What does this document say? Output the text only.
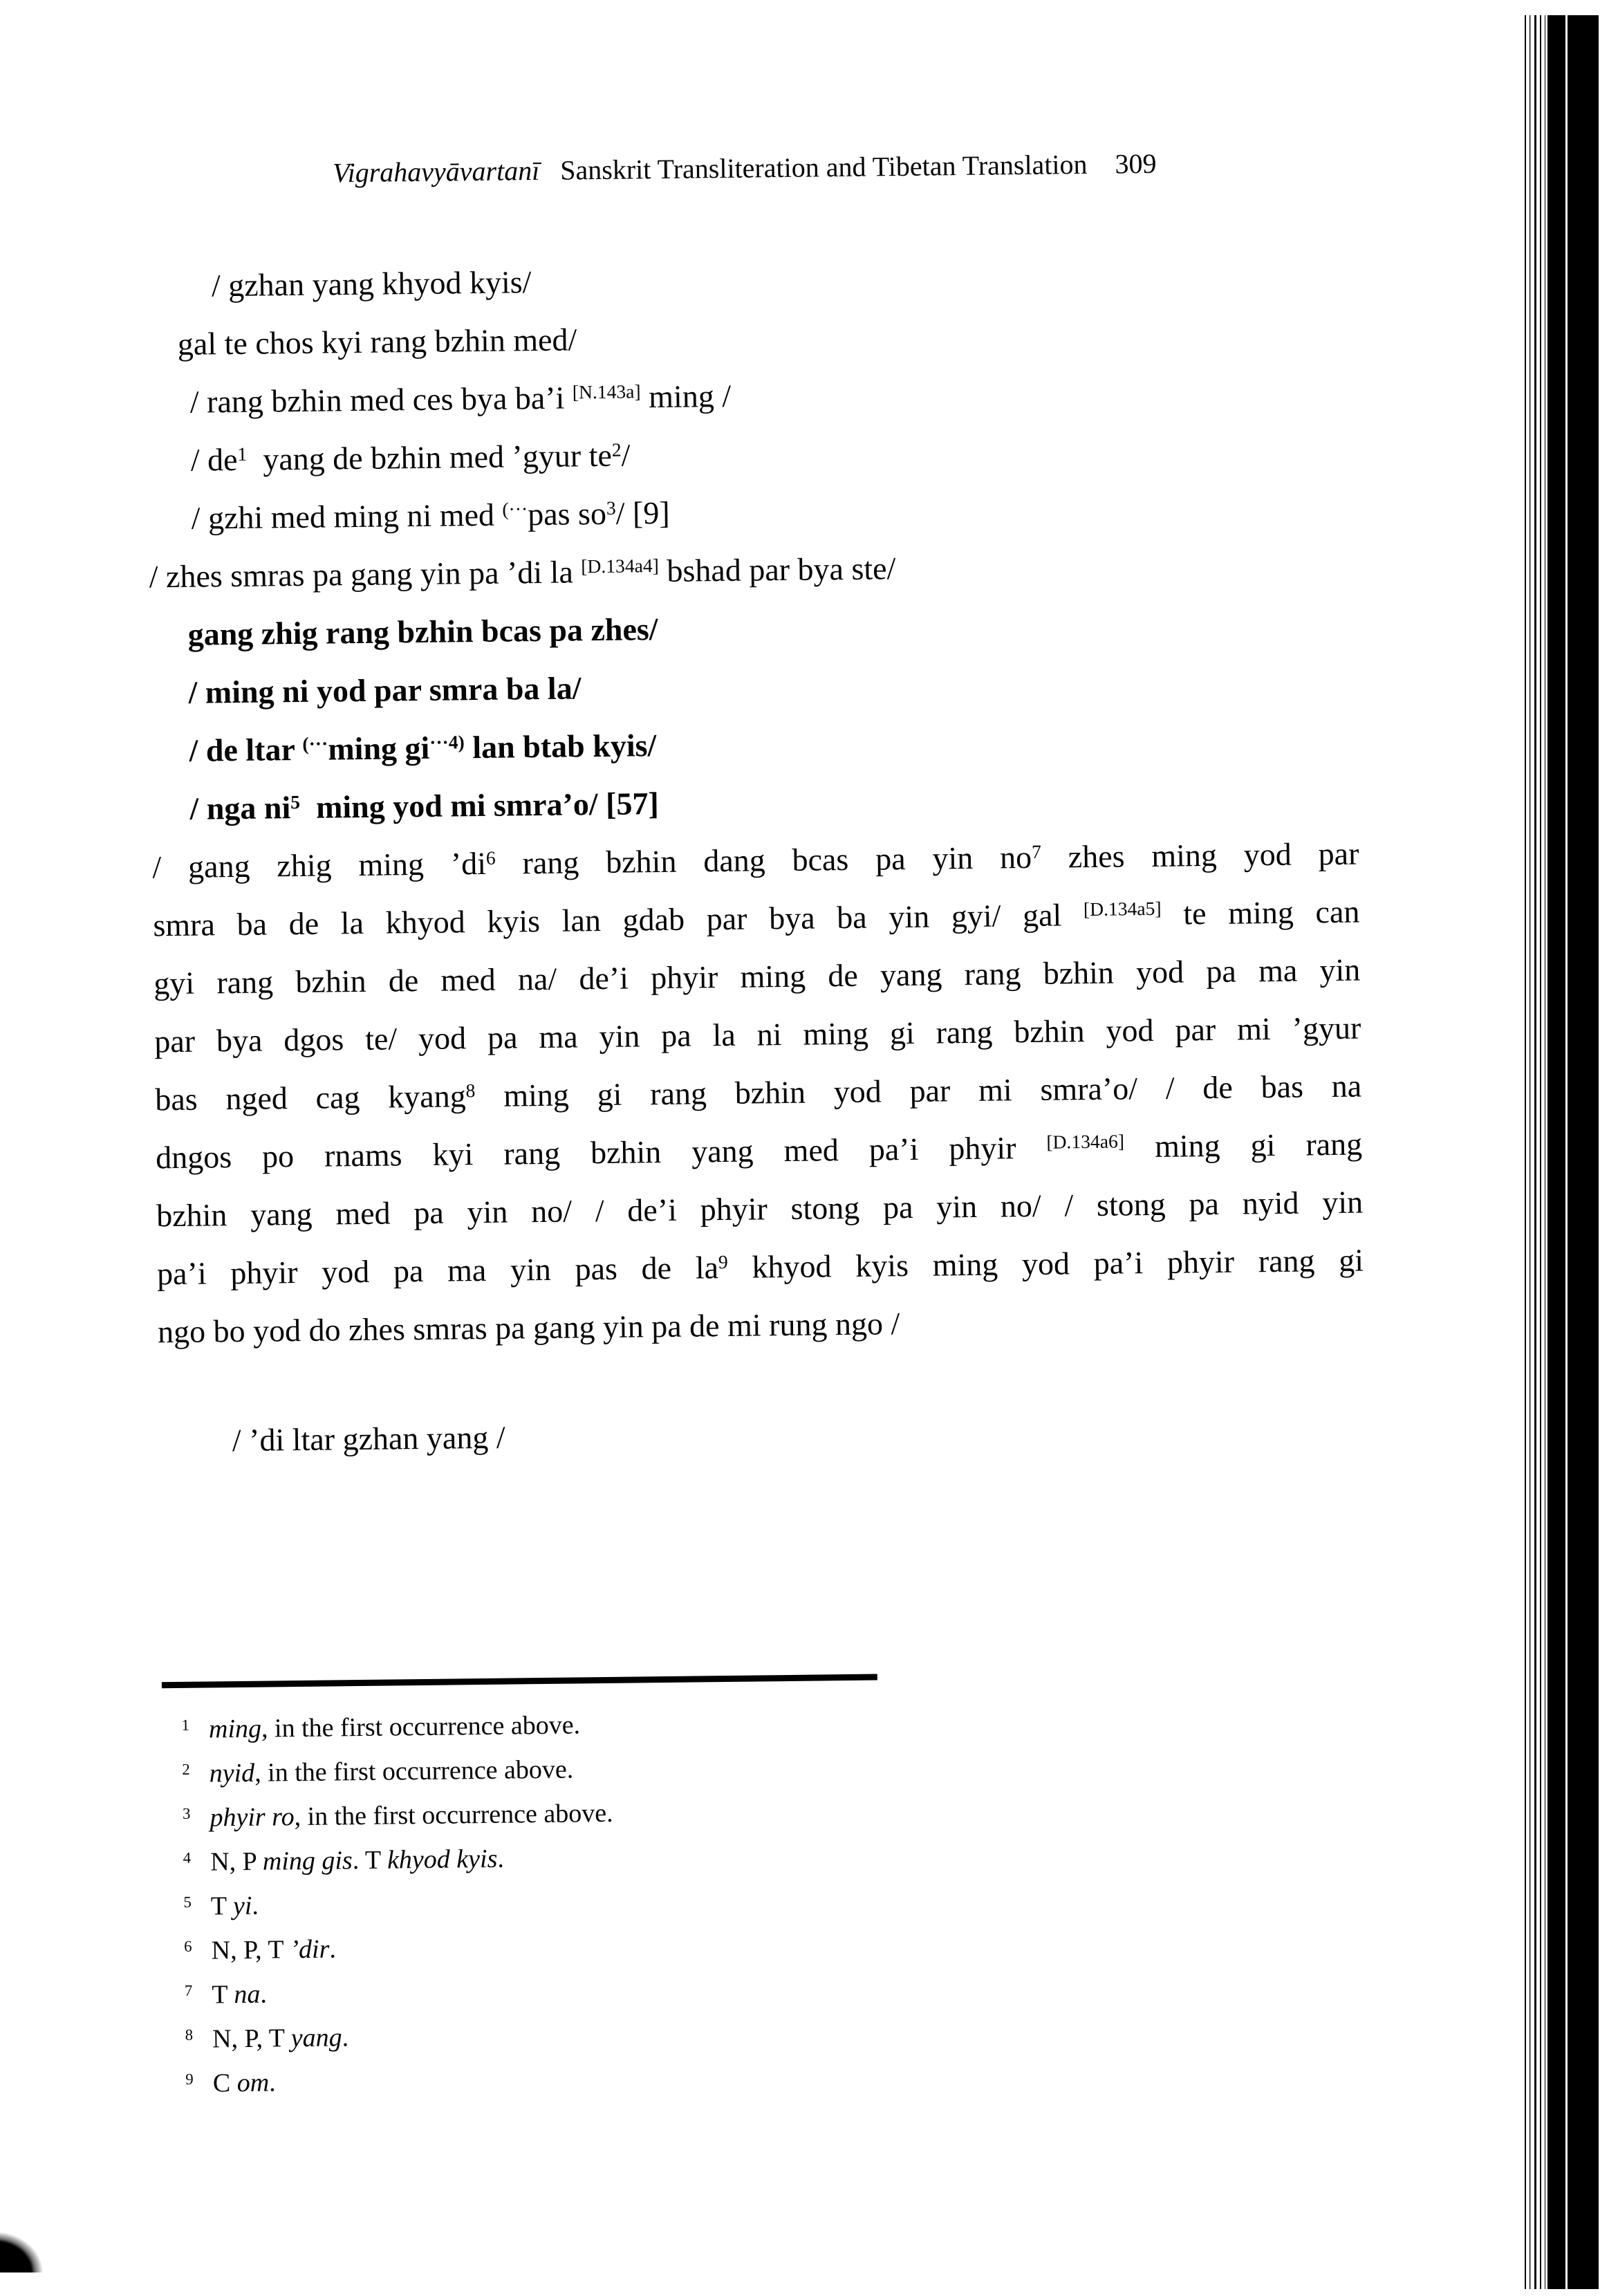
Vigrahavyāvartanī Sanskrit Transliteration and Tibetan Translation 309
/ gzhan yang khyod kyis/
gal te chos kyi rang bzhin med/
/ rang bzhin med ces bya ba’i [N.143a] ming /
/ $de^1$  yang de bzhin med ’gyur $te^2/$
/ gzhi med ming ni med (···pas $so^3/$ [9]
/ zhes smras pa gang yin pa ’di la [D.134a4] bshad par bya ste/
gang zhig rang bzhin bcas pa zhes/
/ ming ni yod par smra ba la/
/ de ltar (···ming $gi^{\cdot\cdot\cdot 4)}$ lan btab kyis/
/ nga $ni^5$  ming yod mi smra’o/ [57]
/ gang zhig ming $’di^6$ rang bzhin dang bcas pa yin $no^7$ zhes ming yod par
smra ba de la khyod kyis lan gdab par bya ba yin gyi/ gal [D.134a5] te ming can
gyi rang bzhin de med na/ de’i phyir ming de yang rang bzhin yod pa ma yin
par bya dgos te/ yod pa ma yin pa la ni ming gi rang bzhin yod par mi ’gyur
bas nged cag kyang$^8$ ming gi rang bzhin yod par mi smra’o/ / de bas na
dngos po rnams kyi rang bzhin yang med pa’i phyir [D.134a6] ming gi rang
bzhin yang med pa yin no/ / de’i phyir stong pa yin no/ / stong pa nyid yin
pa’i phyir yod pa ma yin pas de $la^9$ khyod kyis ming yod pa’i phyir rang gi
ngo bo yod do zhes smras pa gang yin pa de mi rung ngo /
/ ’di ltar gzhan yang /
$^1$ ming, in the first occurrence above.
$^2$ nyid, in the first occurrence above.
$^3$ phyir ro, in the first occurrence above.
$^4$ N, P ming gis. T khyod kyis.
$^5$ T yi.
$^6$ N, P, T ’dir.
$^7$ T na.
$^8$ N, P, T yang.
$^9$ C om.
